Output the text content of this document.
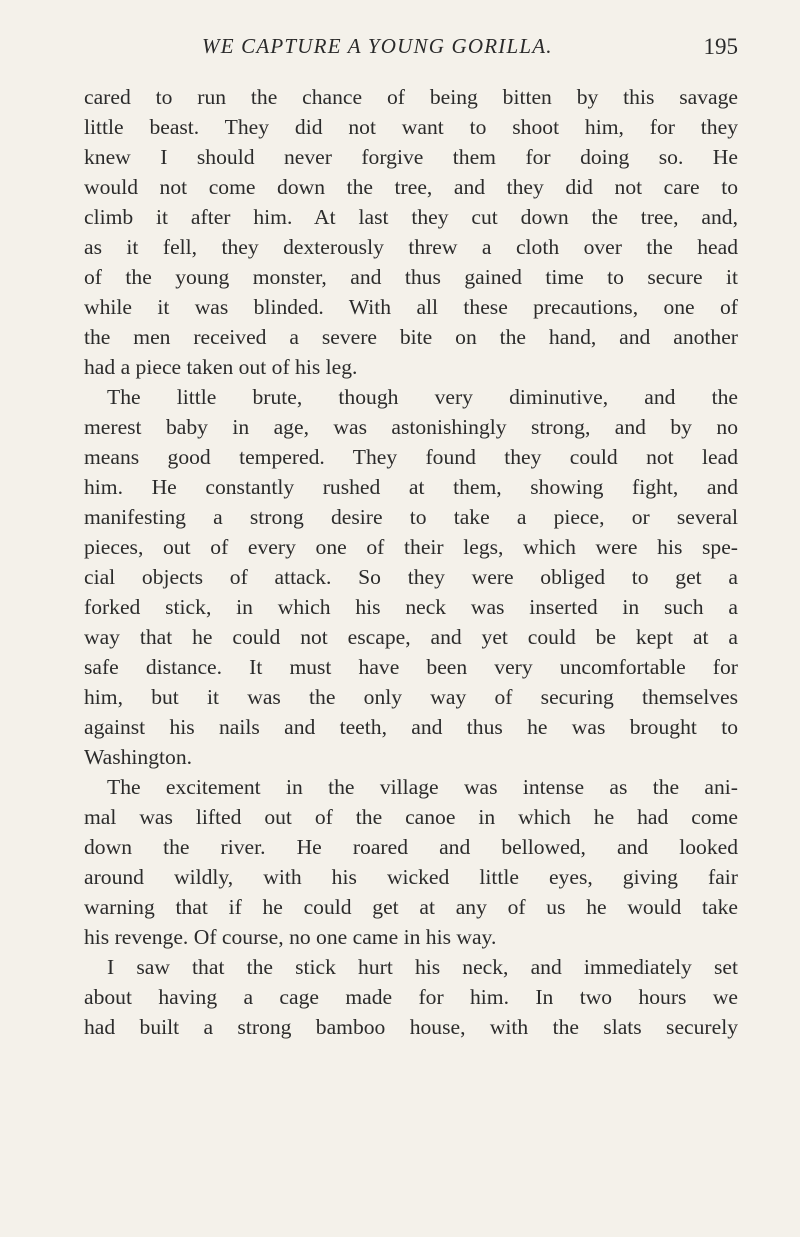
WE CAPTURE A YOUNG GORILLA.	195
cared to run the chance of being bitten by this savage
little beast. They did not want to shoot him, for they
knew I should never forgive them for doing so. He
would not come down the tree, and they did not care to
climb it after him. At last they cut down the tree, and,
as it fell, they dexterously threw a cloth over the head
of the young monster, and thus gained time to secure it
while it was blinded. With all these precautions, one of
the men received a severe bite on the hand, and another
had a piece taken out of his leg.
The little brute, though very diminutive, and the
merest baby in age, was astonishingly strong, and by no
means good tempered. They found they could not lead
him. He constantly rushed at them, showing fight, and
manifesting a strong desire to take a piece, or several
pieces, out of every one of their legs, which were his spe-
cial objects of attack. So they were obliged to get a
forked stick, in which his neck was inserted in such a
way that he could not escape, and yet could be kept at a
safe distance. It must have been very uncomfortable for
him, but it was the only way of securing themselves
against his nails and teeth, and thus he was brought to
Washington.
The excitement in the village was intense as the ani-
mal was lifted out of the canoe in which he had come
down the river. He roared and bellowed, and looked
around wildly, with his wicked little eyes, giving fair
warning that if he could get at any of us he would take
his revenge. Of course, no one came in his way.
I saw that the stick hurt his neck, and immediately set
about having a cage made for him. In two hours we
had built a strong bamboo house, with the slats securely
